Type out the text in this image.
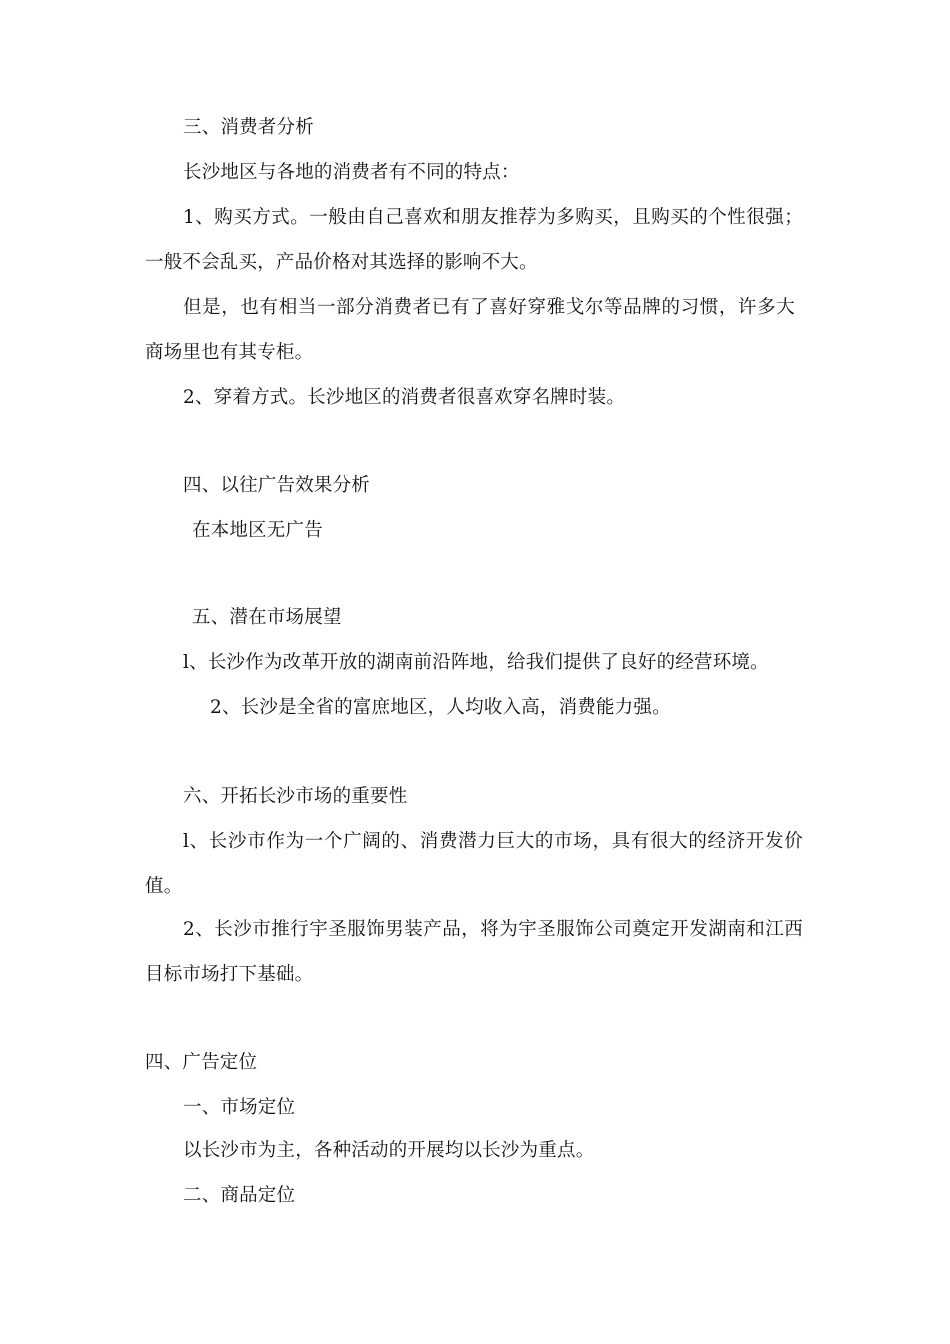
三、消费者分析
长沙地区与各地的消费者有不同的特点：
1、购买方式。一般由自己喜欢和朋友推荐为多购买，且购买的个性很强；
一般不会乱买，产品价格对其选择的影响不大。
但是，也有相当一部分消费者已有了喜好穿雅戈尔等品牌的习惯，许多大
商场里也有其专柜。
2、穿着方式。长沙地区的消费者很喜欢穿名牌时装。
四、以往广告效果分析
在本地区无广告
五、潜在市场展望
l、长沙作为改革开放的湖南前沿阵地，给我们提供了良好的经营环境。
2、长沙是全省的富庶地区，人均收入高，消费能力强。
六、开拓长沙市场的重要性
l、长沙市作为一个广阔的、消费潜力巨大的市场，具有很大的经济开发价
值。
2、长沙市推行宇圣服饰男装产品，将为宇圣服饰公司奠定开发湖南和江西
目标市场打下基础。
四、广告定位
一、市场定位
以长沙市为主，各种活动的开展均以长沙为重点。
二、商品定位
